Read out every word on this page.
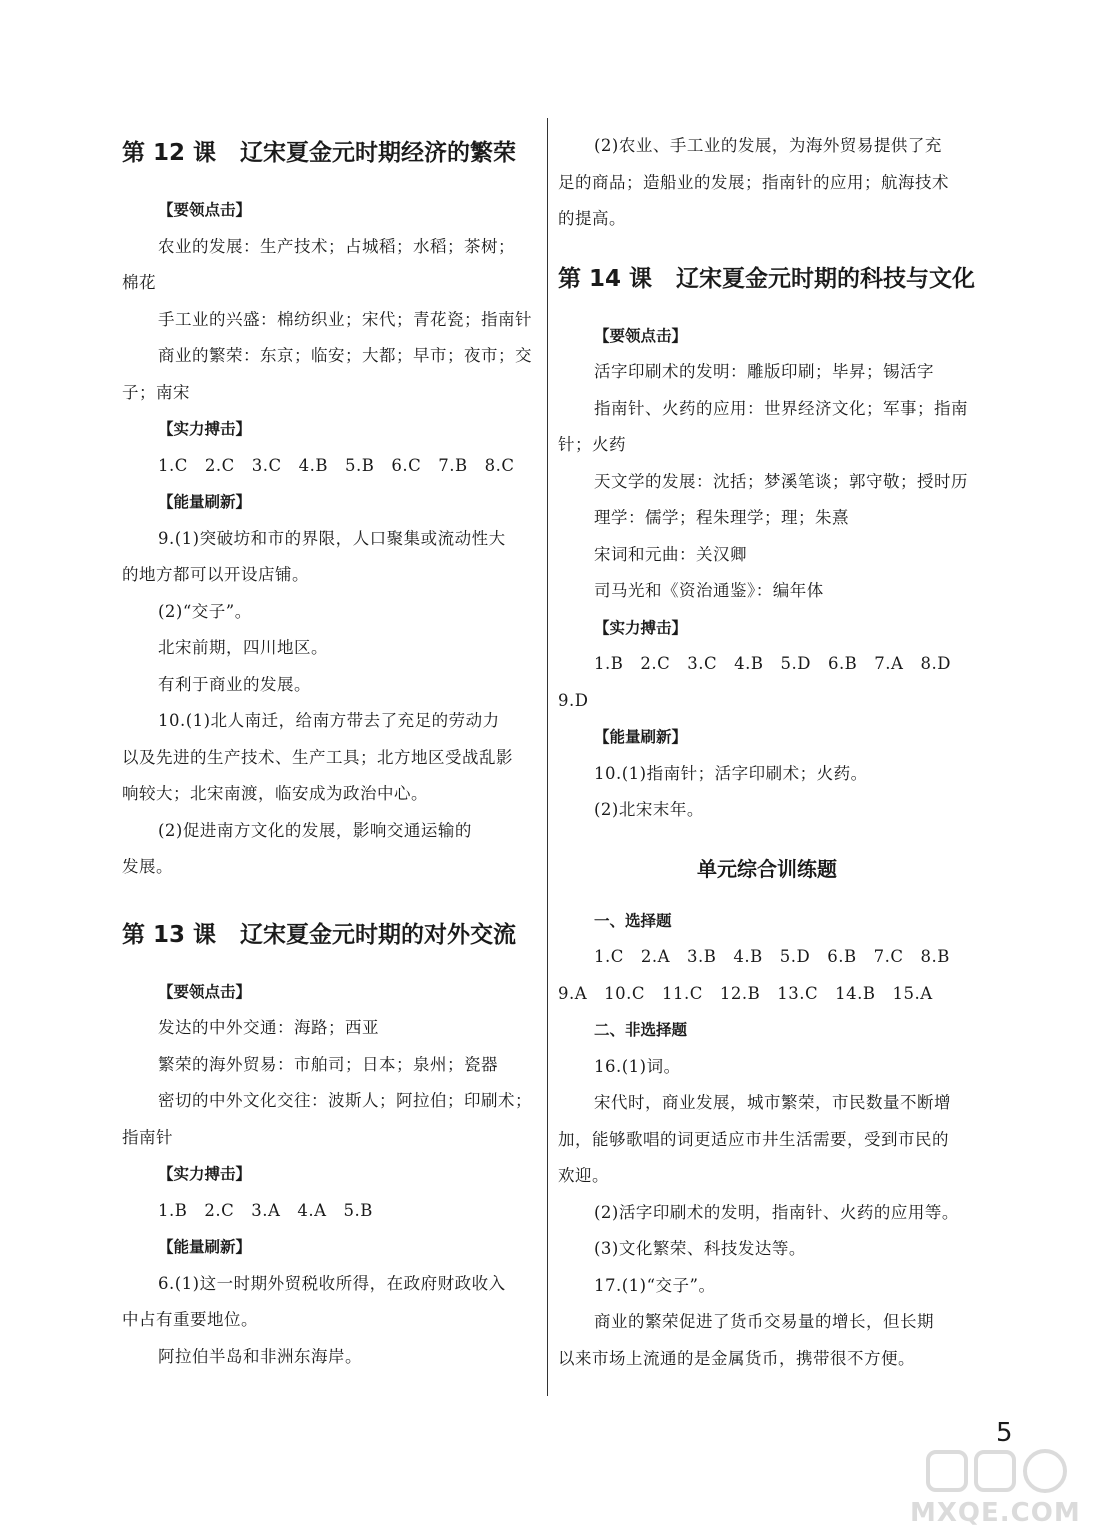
第 12 课 辽宋夏金元时期经济的繁荣
【要领点击】
农业的发展：生产技术；占城稻；水稻；茶树；
棉花
手工业的兴盛：棉纺织业；宋代；青花瓷；指南针
商业的繁荣：东京；临安；大都；早市；夜市；交
子；南宋
【实力搏击】
1.C　2.C　3.C　4.B　5.B　6.C　7.B　8.C
【能量刷新】
9.(1)突破坊和市的界限，人口聚集或流动性大
的地方都可以开设店铺。
(2)“交子”。
北宋前期，四川地区。
有利于商业的发展。
10.(1)北人南迁，给南方带去了充足的劳动力
以及先进的生产技术、生产工具；北方地区受战乱影
响较大；北宋南渡，临安成为政治中心。
(2)促进南方文化的发展，影响交通运输的
发展。
第 13 课 辽宋夏金元时期的对外交流
【要领点击】
发达的中外交通：海路；西亚
繁荣的海外贸易：市舶司；日本；泉州；瓷器
密切的中外文化交往：波斯人；阿拉伯；印刷术；
指南针
【实力搏击】
1.B　2.C　3.A　4.A　5.B
【能量刷新】
6.(1)这一时期外贸税收所得，在政府财政收入
中占有重要地位。
阿拉伯半岛和非洲东海岸。
(2)农业、手工业的发展，为海外贸易提供了充
足的商品；造船业的发展；指南针的应用；航海技术
的提高。
第 14 课 辽宋夏金元时期的科技与文化
【要领点击】
活字印刷术的发明：雕版印刷；毕昇；锡活字
指南针、火药的应用：世界经济文化；军事；指南
针；火药
天文学的发展：沈括；梦溪笔谈；郭守敬；授时历
理学：儒学；程朱理学；理；朱熹
宋词和元曲：关汉卿
司马光和《资治通鉴》：编年体
【实力搏击】
1.B　2.C　3.C　4.B　5.D　6.B　7.A　8.D
9.D
【能量刷新】
10.(1)指南针；活字印刷术；火药。
(2)北宋末年。
单元综合训练题
一、选择题
1.C　2.A　3.B　4.B　5.D　6.B　7.C　8.B
9.A　10.C　11.C　12.B　13.C　14.B　15.A
二、非选择题
16.(1)词。
宋代时，商业发展，城市繁荣，市民数量不断增
加，能够歌唱的词更适应市井生活需要，受到市民的
欢迎。
(2)活字印刷术的发明，指南针、火药的应用等。
(3)文化繁荣、科技发达等。
17.(1)“交子”。
商业的繁荣促进了货币交易量的增长，但长期
以来市场上流通的是金属货币，携带很不方便。
5
MXQE.COM
